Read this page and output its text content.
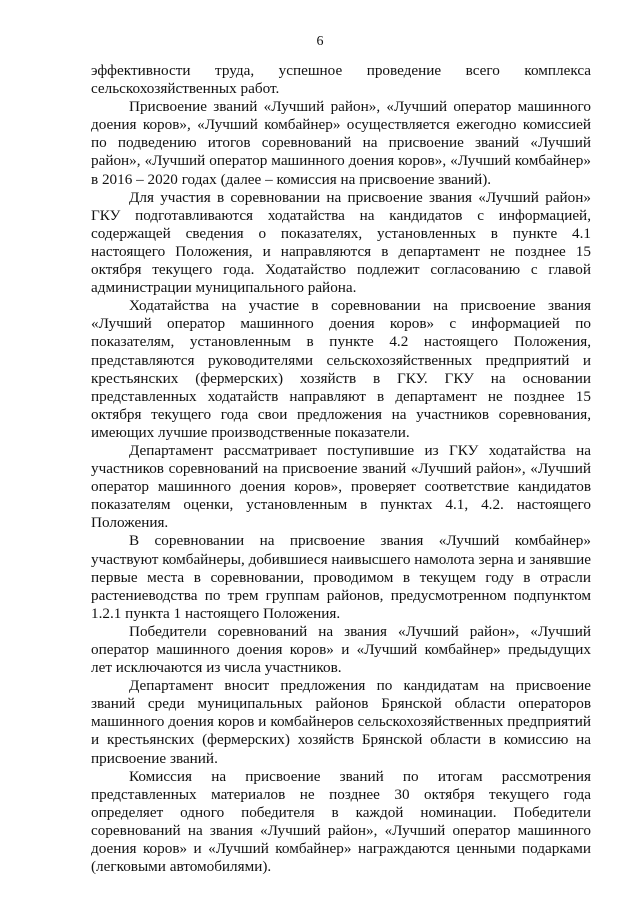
6

эффективности труда, успешное проведение всего комплекса сельскохозяйственных работ.

Присвоение званий «Лучший район», «Лучший оператор машинного доения коров», «Лучший комбайнер» осуществляется ежегодно комиссией по подведению итогов соревнований на присвоение званий «Лучший район», «Лучший оператор машинного доения коров», «Лучший комбайнер» в 2016 – 2020 годах (далее – комиссия на присвоение званий).

Для участия в соревновании на присвоение звания «Лучший район» ГКУ подготавливаются ходатайства на кандидатов с информацией, содержащей сведения о показателях, установленных в пункте 4.1 настоящего Положения, и направляются в департамент не позднее 15 октября текущего года. Ходатайство подлежит согласованию с главой администрации муниципального района.

Ходатайства на участие в соревновании на присвоение звания «Лучший оператор машинного доения коров» с информацией по показателям, установленным в пункте 4.2 настоящего Положения, представляются руководителями сельскохозяйственных предприятий и крестьянских (фермерских) хозяйств в ГКУ. ГКУ на основании представленных ходатайств направляют в департамент не позднее 15 октября текущего года свои предложения на участников соревнования, имеющих лучшие производственные показатели.

Департамент рассматривает поступившие из ГКУ ходатайства на участников соревнований на присвоение званий «Лучший район», «Лучший оператор машинного доения коров», проверяет соответствие кандидатов показателям оценки, установленным в пунктах 4.1, 4.2. настоящего Положения.

В соревновании на присвоение звания «Лучший комбайнер» участвуют комбайнеры, добившиеся наивысшего намолота зерна и занявшие первые места в соревновании, проводимом в текущем году в отрасли растениеводства по трем группам районов, предусмотренном подпунктом 1.2.1 пункта 1 настоящего Положения.

Победители соревнований на звания «Лучший район», «Лучший оператор машинного доения коров» и «Лучший комбайнер» предыдущих лет исключаются из числа участников.

Департамент вносит предложения по кандидатам на присвоение званий среди муниципальных районов Брянской области операторов машинного доения коров и комбайнеров сельскохозяйственных предприятий и крестьянских (фермерских) хозяйств Брянской области в комиссию на присвоение званий.

Комиссия на присвоение званий по итогам рассмотрения представленных материалов не позднее 30 октября текущего года определяет одного победителя в каждой номинации. Победители соревнований на звания «Лучший район», «Лучший оператор машинного доения коров» и «Лучший комбайнер» награждаются ценными подарками (легковыми автомобилями).
